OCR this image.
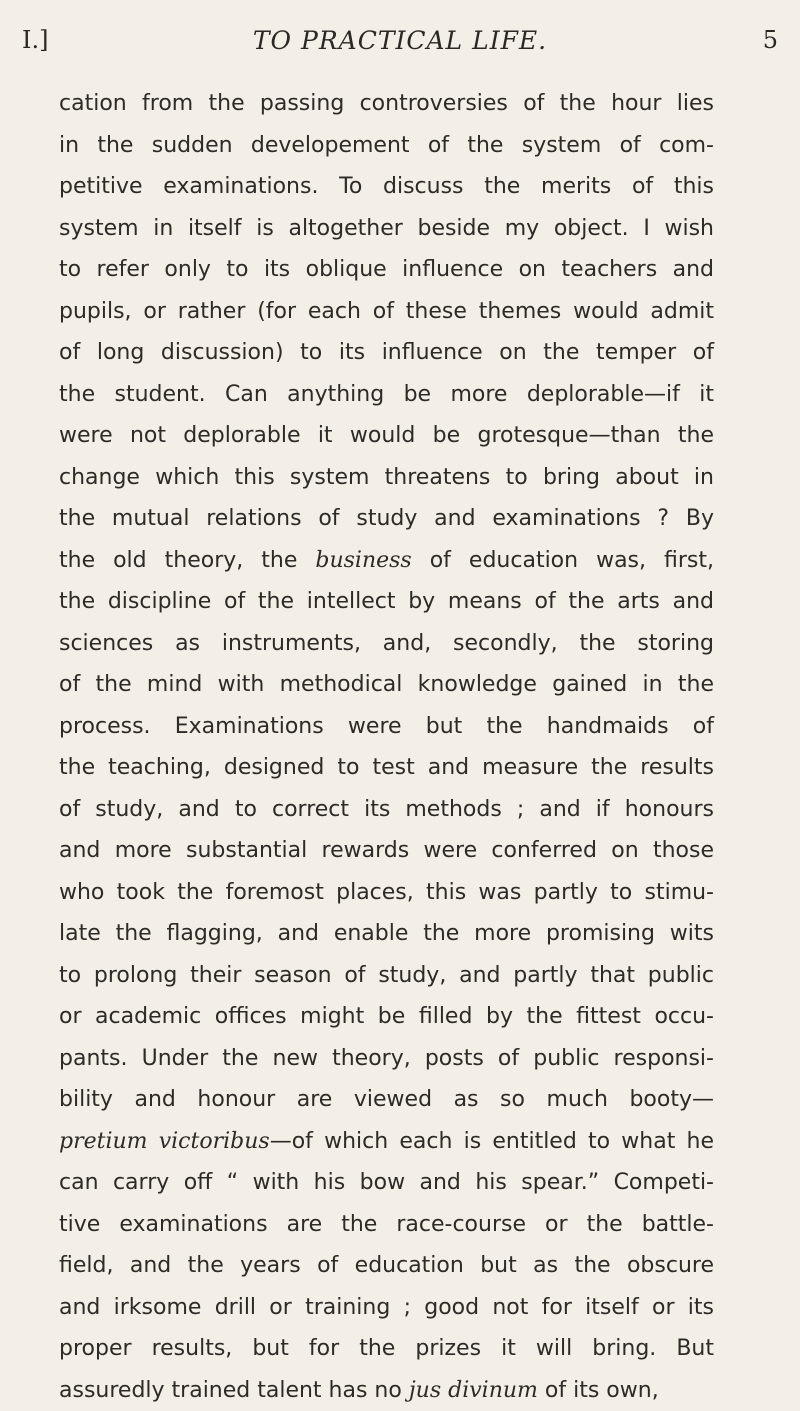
I.]	TO PRACTICAL LIFE.	5
cation from the passing controversies of the hour lies
in the sudden developement of the system of com-
petitive examinations. To discuss the merits of this
system in itself is altogether beside my object. I wish
to refer only to its oblique influence on teachers and
pupils, or rather (for each of these themes would admit
of long discussion) to its influence on the temper of
the student. Can anything be more deplorable—if it
were not deplorable it would be grotesque—than the
change which this system threatens to bring about in
the mutual relations of study and examinations ? By
the old theory, the business of education was, first,
the discipline of the intellect by means of the arts and
sciences as instruments, and, secondly, the storing
of the mind with methodical knowledge gained in the
process. Examinations were but the handmaids of
the teaching, designed to test and measure the results
of study, and to correct its methods ; and if honours
and more substantial rewards were conferred on those
who took the foremost places, this was partly to stimu-
late the flagging, and enable the more promising wits
to prolong their season of study, and partly that public
or academic offices might be filled by the fittest occu-
pants. Under the new theory, posts of public responsi-
bility and honour are viewed as so much booty—
pretium victoribus—of which each is entitled to what he
can carry off “ with his bow and his spear.” Competi-
tive examinations are the race-course or the battle-
field, and the years of education but as the obscure
and irksome drill or training ; good not for itself or its
proper results, but for the prizes it will bring. But
assuredly trained talent has no jus divinum of its own,
